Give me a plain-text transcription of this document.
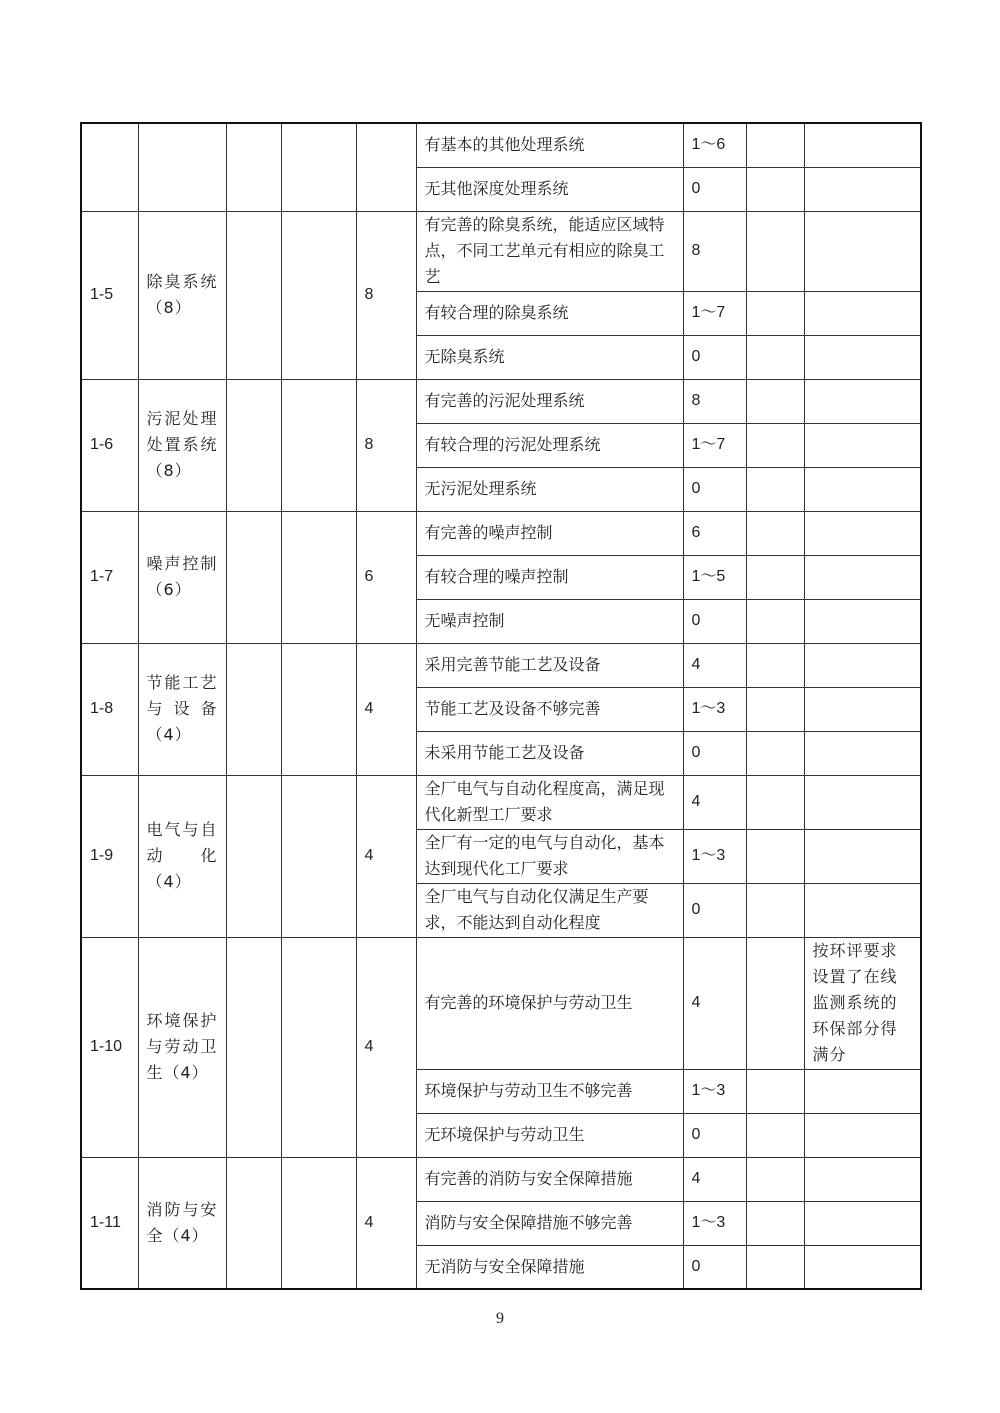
					有基本的其他处理系统	1～6		
					无其他深度处理系统	0		
1-5	除臭系统（8）			8	有完善的除臭系统，能适应区域特点，不同工艺单元有相应的除臭工艺	8		
					有较合理的除臭系统	1～7		
					无除臭系统	0		
1-6	污泥处理处置系统（8）			8	有完善的污泥处理系统	8		
					有较合理的污泥处理系统	1～7		
					无污泥处理系统	0		
1-7	噪声控制（6）			6	有完善的噪声控制	6		
					有较合理的噪声控制	1～5		
					无噪声控制	0		
1-8	节能工艺与设备（4）			4	采用完善节能工艺及设备	4		
					节能工艺及设备不够完善	1～3		
					未采用节能工艺及设备	0		
1-9	电气与自动化（4）			4	全厂电气与自动化程度高，满足现代化新型工厂要求	4		
					全厂有一定的电气与自动化，基本达到现代化工厂要求	1～3		
					全厂电气与自动化仅满足生产要求，不能达到自动化程度	0		
1-10	环境保护与劳动卫生（4）			4	有完善的环境保护与劳动卫生	4		按环评要求设置了在线监测系统的环保部分得满分
					环境保护与劳动卫生不够完善	1～3		
					无环境保护与劳动卫生	0		
1-11	消防与安全（4）			4	有完善的消防与安全保障措施	4		
					消防与安全保障措施不够完善	1～3		
					无消防与安全保障措施	0		
9
